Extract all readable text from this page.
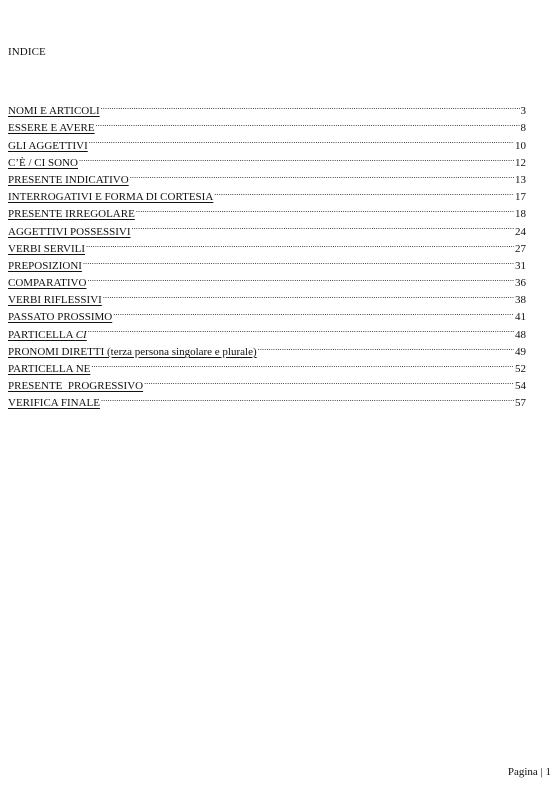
INDICE
NOMI E ARTICOLI .....	3
ESSERE E AVERE .....	8
GLI AGGETTIVI .....	10
C’È / CI SONO .....	12
PRESENTE INDICATIVO .....	13
INTERROGATIVI E FORMA DI CORTESIA .....	17
PRESENTE IRREGOLARE .....	18
AGGETTIVI POSSESSIVI .....	24
VERBI SERVILI .....	27
PREPOSIZIONI .....	31
COMPARATIVO .....	36
VERBI RIFLESSIVI .....	38
PASSATO PROSSIMO .....	41
PARTICELLA CI .....	48
PRONOMI DIRETTI (terza persona singolare e plurale) .....	49
PARTICELLA NE .....	52
PRESENTE  PROGRESSIVO .....	54
VERIFICA FINALE .....	57
Pagina | 1
